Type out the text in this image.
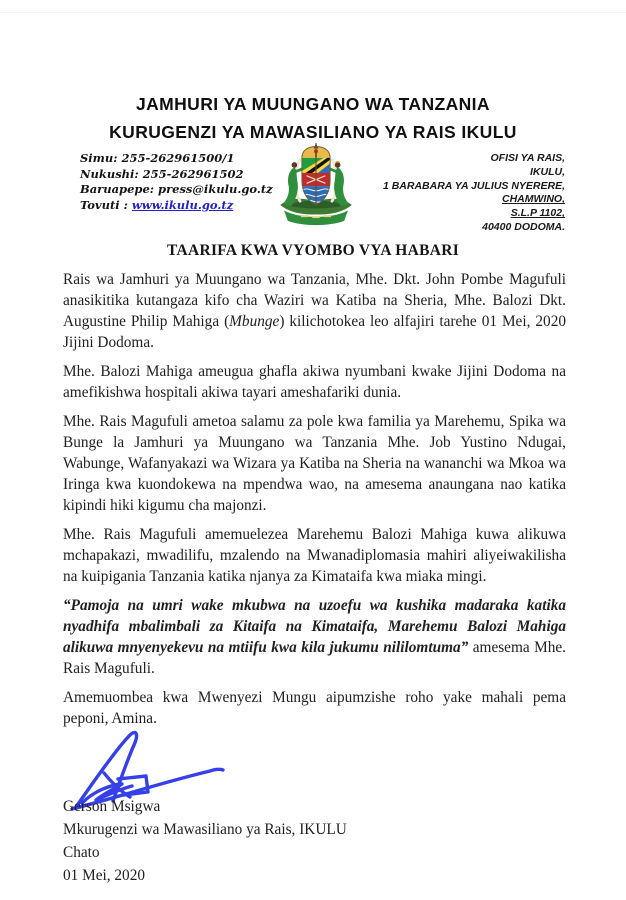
JAMHURI YA MUUNGANO WA TANZANIA
KURUGENZI YA MAWASILIANO YA RAIS IKULU
Simu: 255-262961500/1
Nukushi: 255-262961502
Baruapepe: press@ikulu.go.tz
Tovuti : www.ikulu.go.tz
OFISI YA RAIS,
IKULU,
1 BARABARA YA JULIUS NYERERE,
CHAMWINO,
S.L.P 1102,
40400 DODOMA.
TAARIFA KWA VYOMBO VYA HABARI

Rais wa Jamhuri ya Muungano wa Tanzania, Mhe. Dkt. John Pombe Magufuli anasikitika kutangaza kifo cha Waziri wa Katiba na Sheria, Mhe. Balozi Dkt. Augustine Philip Mahiga (Mbunge) kilichotokea leo alfajiri tarehe 01 Mei, 2020 Jijini Dodoma.

Mhe. Balozi Mahiga ameugua ghafla akiwa nyumbani kwake Jijini Dodoma na amefikishwa hospitali akiwa tayari ameshafariki dunia.

Mhe. Rais Magufuli ametoa salamu za pole kwa familia ya Marehemu, Spika wa Bunge la Jamhuri ya Muungano wa Tanzania Mhe. Job Yustino Ndugai, Wabunge, Wafanyakazi wa Wizara ya Katiba na Sheria na wananchi wa Mkoa wa Iringa kwa kuondokewa na mpendwa wao, na amesema anaungana nao katika kipindi hiki kigumu cha majonzi.

Mhe. Rais Magufuli amemuelezea Marehemu Balozi Mahiga kuwa alikuwa mchapakazi, mwadilifu, mzalendo na Mwanadiplomasia mahiri aliyeiwakilisha na kuipigania Tanzania katika njanya za Kimataifa kwa miaka mingi.

“Pamoja na umri wake mkubwa na uzoefu wa kushika madaraka katika nyadhifa mbalimbali za Kitaifa na Kimataifa, Marehemu Balozi Mahiga alikuwa mnyenyekevu na mtiifu kwa kila jukumu nililomtuma” amesema Mhe. Rais Magufuli.

Amemuombea kwa Mwenyezi Mungu aipumzishe roho yake mahali pema peponi, Amina.

Gerson Msigwa
Mkurugenzi wa Mawasiliano ya Rais, IKULU
Chato
01 Mei, 2020
